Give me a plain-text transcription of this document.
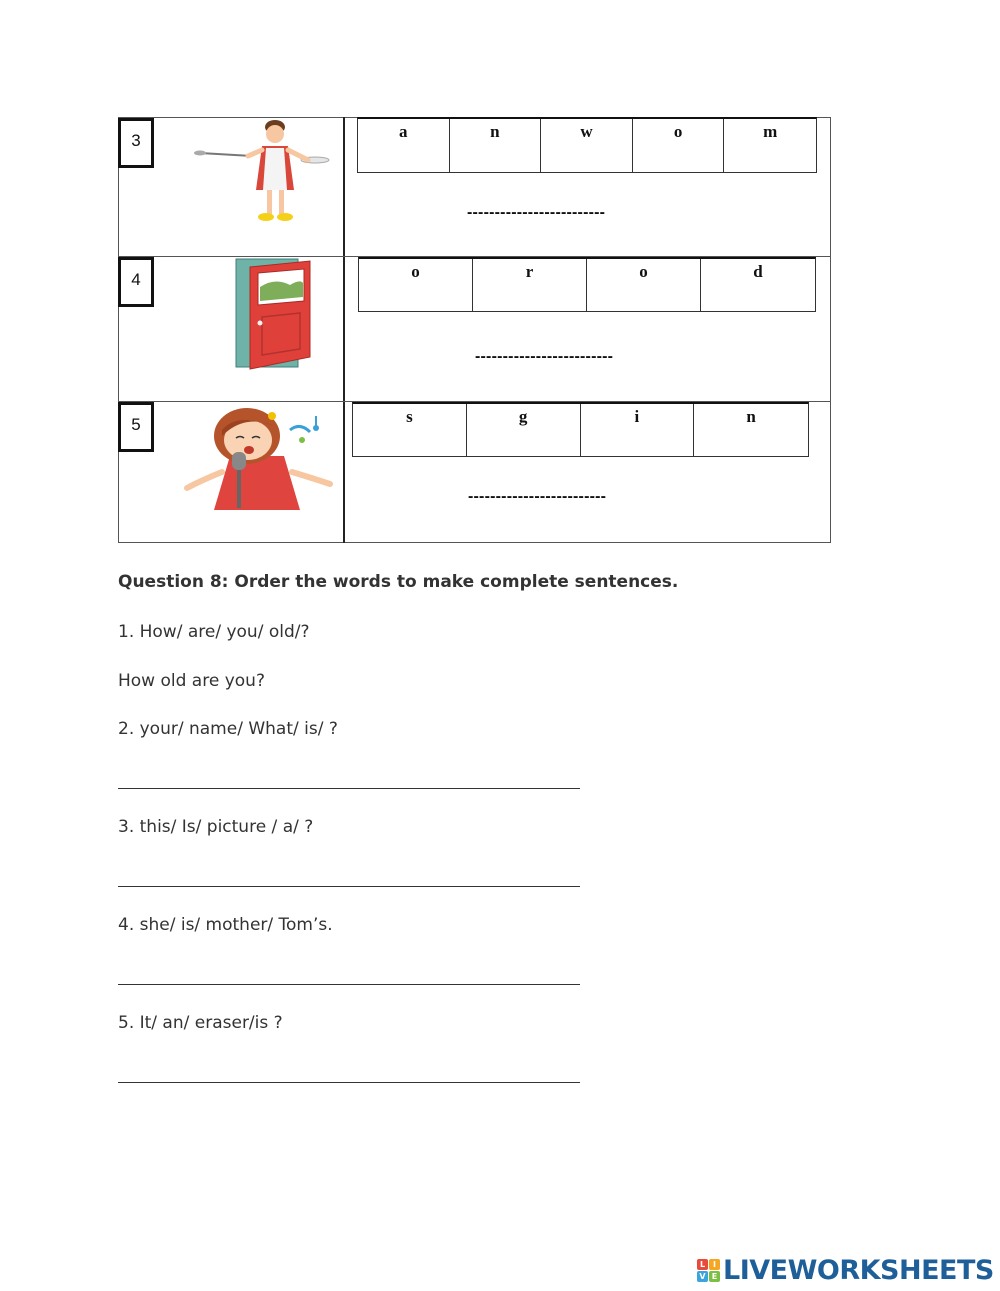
3	a	n	w	o	m
-------------------------
4	o	r	o	d
-------------------------
5	s	g	i	n
-------------------------
Question 8: Order the words to make complete sentences.
1. How/ are/ you/ old/?
How old are you?
2. your/ name/ What/ is/ ?
3. this/ Is/ picture / a/ ?
4. she/ is/ mother/ Tom’s.
5. It/ an/ eraser/is ?
L I
V E LIVEWORKSHEETS
